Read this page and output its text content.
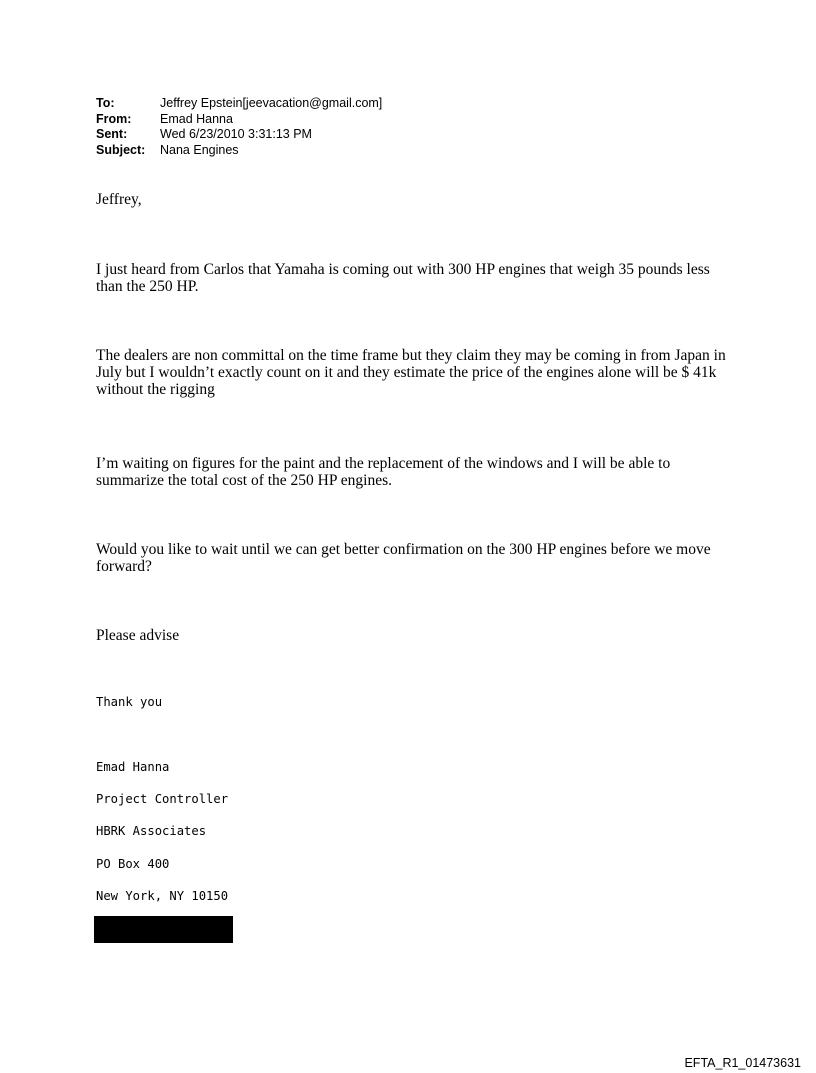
To:	Jeffrey Epstein[jeevacation@gmail.com]
From:	Emad Hanna
Sent:	Wed 6/23/2010 3:31:13 PM
Subject:	Nana Engines
Jeffrey,
I just heard from Carlos that Yamaha is coming out with 300 HP engines that weigh 35 pounds less than the 250 HP.
The dealers are non committal on the time frame but they claim they may be coming in from Japan in July but I wouldn’t exactly count on it and they estimate the price of the engines alone will be $ 41k without the rigging
I’m waiting on figures for the paint and the replacement of the windows and I will be able to summarize the total cost of the 250 HP engines.
Would you like to wait until we can get better confirmation on the 300 HP engines before we move forward?
Please advise
Thank you
Emad Hanna
Project Controller
HBRK Associates
PO Box 400
New York, NY 10150
EFTA_R1_01473631
